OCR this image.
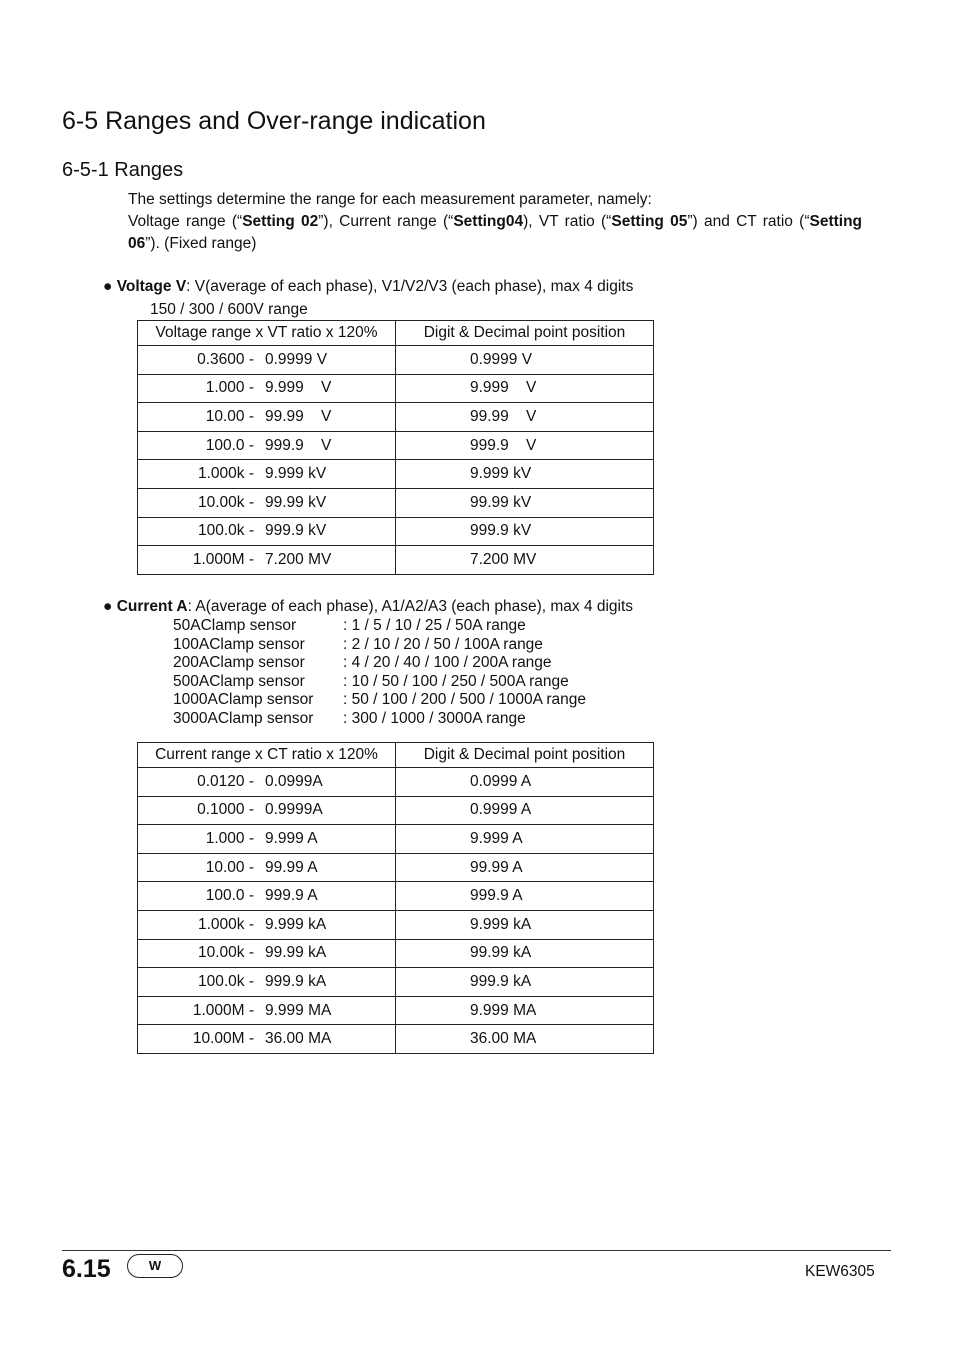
6-5 Ranges and Over-range indication
6-5-1 Ranges
The settings determine the range for each measurement parameter, namely:
Voltage range (“Setting 02”), Current range (“Setting04), VT ratio (“Setting 05”) and CT ratio (“Setting 06”). (Fixed range)
● Voltage V: V(average of each phase), V1/V2/V3 (each phase), max 4 digits
150 / 300 / 600V range
Voltage range x VT ratio x 120%	Digit & Decimal point position

0.3600 - 0.9999 V	0.9999 V

1.000 - 9.999    V	9.999    V

10.00 - 99.99    V	99.99    V

100.0 - 999.9    V	999.9    V

1.000k - 9.999 kV	9.999 kV

10.00k - 99.99 kV	99.99 kV

100.0k - 999.9 kV	999.9 kV

1.000M - 7.200 MV	7.200 MV
● Current A: A(average of each phase), A1/A2/A3 (each phase), max 4 digits
50AClamp sensor	: 1 / 5 / 10 / 25 / 50A range
100AClamp sensor	: 2 / 10 / 20 / 50 / 100A range
200AClamp sensor	: 4 / 20 / 40 / 100 / 200A range
500AClamp sensor	: 10 / 50 / 100 / 250 / 500A range
1000AClamp sensor	: 50 / 100 / 200 / 500 / 1000A range
3000AClamp sensor	: 300 / 1000 / 3000A range
Current range x CT ratio x 120%	Digit & Decimal point position

0.0120 - 0.0999A	0.0999 A

0.1000 - 0.9999A	0.9999 A

1.000 - 9.999 A	9.999 A

10.00 - 99.99 A	99.99 A

100.0 - 999.9 A	999.9 A

1.000k - 9.999 kA	9.999 kA

10.00k - 99.99 kA	99.99 kA

100.0k - 999.9 kA	999.9 kA

1.000M - 9.999 MA	9.999 MA

10.00M - 36.00 MA	36.00 MA
6.15	W	KEW6305
